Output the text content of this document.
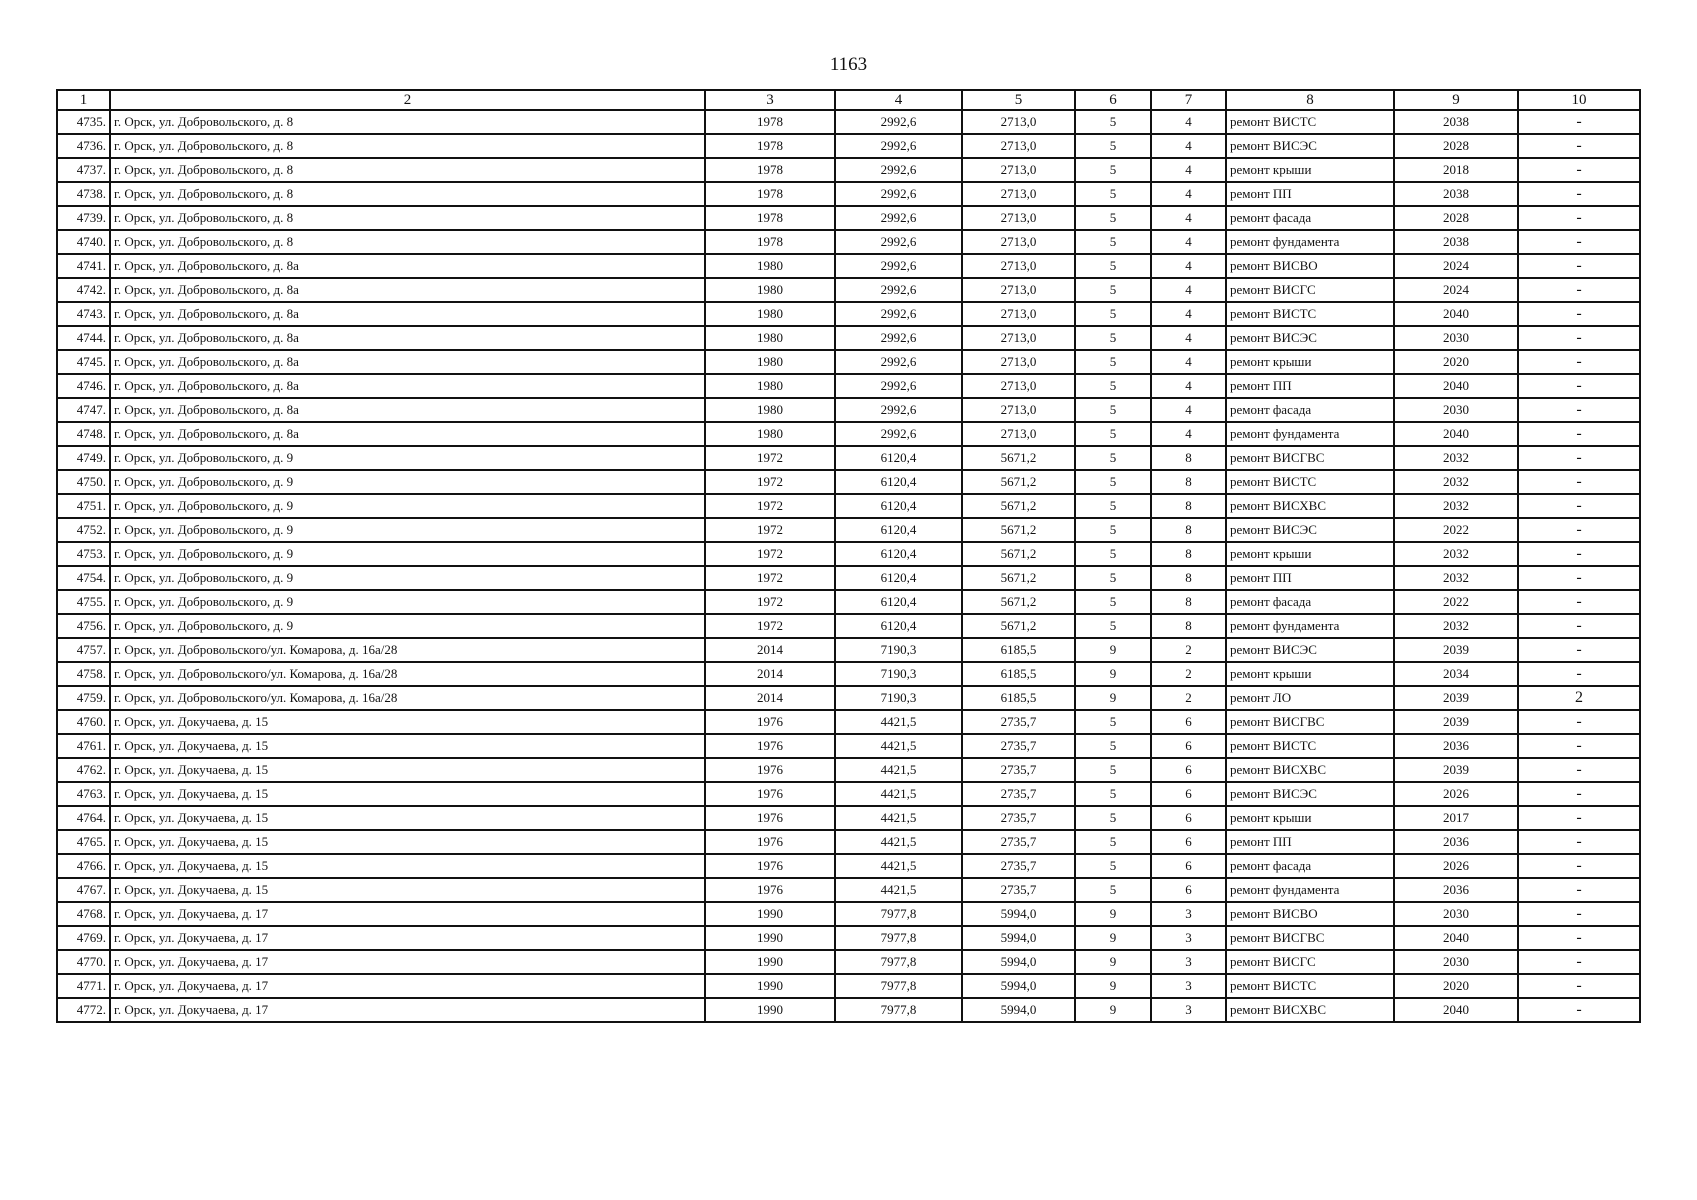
1163
1	2	3	4	5	6	7	8	9	10
4735.	г. Орск, ул. Добровольского, д. 8	1978	2992,6	2713,0	5	4	ремонт ВИСТС	2038	-
4736.	г. Орск, ул. Добровольского, д. 8	1978	2992,6	2713,0	5	4	ремонт ВИСЭС	2028	-
4737.	г. Орск, ул. Добровольского, д. 8	1978	2992,6	2713,0	5	4	ремонт крыши	2018	-
4738.	г. Орск, ул. Добровольского, д. 8	1978	2992,6	2713,0	5	4	ремонт ПП	2038	-
4739.	г. Орск, ул. Добровольского, д. 8	1978	2992,6	2713,0	5	4	ремонт фасада	2028	-
4740.	г. Орск, ул. Добровольского, д. 8	1978	2992,6	2713,0	5	4	ремонт фундамента	2038	-
4741.	г. Орск, ул. Добровольского, д. 8а	1980	2992,6	2713,0	5	4	ремонт ВИСВО	2024	-
4742.	г. Орск, ул. Добровольского, д. 8а	1980	2992,6	2713,0	5	4	ремонт ВИСГС	2024	-
4743.	г. Орск, ул. Добровольского, д. 8а	1980	2992,6	2713,0	5	4	ремонт ВИСТС	2040	-
4744.	г. Орск, ул. Добровольского, д. 8а	1980	2992,6	2713,0	5	4	ремонт ВИСЭС	2030	-
4745.	г. Орск, ул. Добровольского, д. 8а	1980	2992,6	2713,0	5	4	ремонт крыши	2020	-
4746.	г. Орск, ул. Добровольского, д. 8а	1980	2992,6	2713,0	5	4	ремонт ПП	2040	-
4747.	г. Орск, ул. Добровольского, д. 8а	1980	2992,6	2713,0	5	4	ремонт фасада	2030	-
4748.	г. Орск, ул. Добровольского, д. 8а	1980	2992,6	2713,0	5	4	ремонт фундамента	2040	-
4749.	г. Орск, ул. Добровольского, д. 9	1972	6120,4	5671,2	5	8	ремонт ВИСГВС	2032	-
4750.	г. Орск, ул. Добровольского, д. 9	1972	6120,4	5671,2	5	8	ремонт ВИСТС	2032	-
4751.	г. Орск, ул. Добровольского, д. 9	1972	6120,4	5671,2	5	8	ремонт ВИСХВС	2032	-
4752.	г. Орск, ул. Добровольского, д. 9	1972	6120,4	5671,2	5	8	ремонт ВИСЭС	2022	-
4753.	г. Орск, ул. Добровольского, д. 9	1972	6120,4	5671,2	5	8	ремонт крыши	2032	-
4754.	г. Орск, ул. Добровольского, д. 9	1972	6120,4	5671,2	5	8	ремонт ПП	2032	-
4755.	г. Орск, ул. Добровольского, д. 9	1972	6120,4	5671,2	5	8	ремонт фасада	2022	-
4756.	г. Орск, ул. Добровольского, д. 9	1972	6120,4	5671,2	5	8	ремонт фундамента	2032	-
4757.	г. Орск, ул. Добровольского/ул. Комарова, д. 16а/28	2014	7190,3	6185,5	9	2	ремонт ВИСЭС	2039	-
4758.	г. Орск, ул. Добровольского/ул. Комарова, д. 16а/28	2014	7190,3	6185,5	9	2	ремонт крыши	2034	-
4759.	г. Орск, ул. Добровольского/ул. Комарова, д. 16а/28	2014	7190,3	6185,5	9	2	ремонт ЛО	2039	2
4760.	г. Орск, ул. Докучаева, д. 15	1976	4421,5	2735,7	5	6	ремонт ВИСГВС	2039	-
4761.	г. Орск, ул. Докучаева, д. 15	1976	4421,5	2735,7	5	6	ремонт ВИСТС	2036	-
4762.	г. Орск, ул. Докучаева, д. 15	1976	4421,5	2735,7	5	6	ремонт ВИСХВС	2039	-
4763.	г. Орск, ул. Докучаева, д. 15	1976	4421,5	2735,7	5	6	ремонт ВИСЭС	2026	-
4764.	г. Орск, ул. Докучаева, д. 15	1976	4421,5	2735,7	5	6	ремонт крыши	2017	-
4765.	г. Орск, ул. Докучаева, д. 15	1976	4421,5	2735,7	5	6	ремонт ПП	2036	-
4766.	г. Орск, ул. Докучаева, д. 15	1976	4421,5	2735,7	5	6	ремонт фасада	2026	-
4767.	г. Орск, ул. Докучаева, д. 15	1976	4421,5	2735,7	5	6	ремонт фундамента	2036	-
4768.	г. Орск, ул. Докучаева, д. 17	1990	7977,8	5994,0	9	3	ремонт ВИСВО	2030	-
4769.	г. Орск, ул. Докучаева, д. 17	1990	7977,8	5994,0	9	3	ремонт ВИСГВС	2040	-
4770.	г. Орск, ул. Докучаева, д. 17	1990	7977,8	5994,0	9	3	ремонт ВИСГС	2030	-
4771.	г. Орск, ул. Докучаева, д. 17	1990	7977,8	5994,0	9	3	ремонт ВИСТС	2020	-
4772.	г. Орск, ул. Докучаева, д. 17	1990	7977,8	5994,0	9	3	ремонт ВИСХВС	2040	-
